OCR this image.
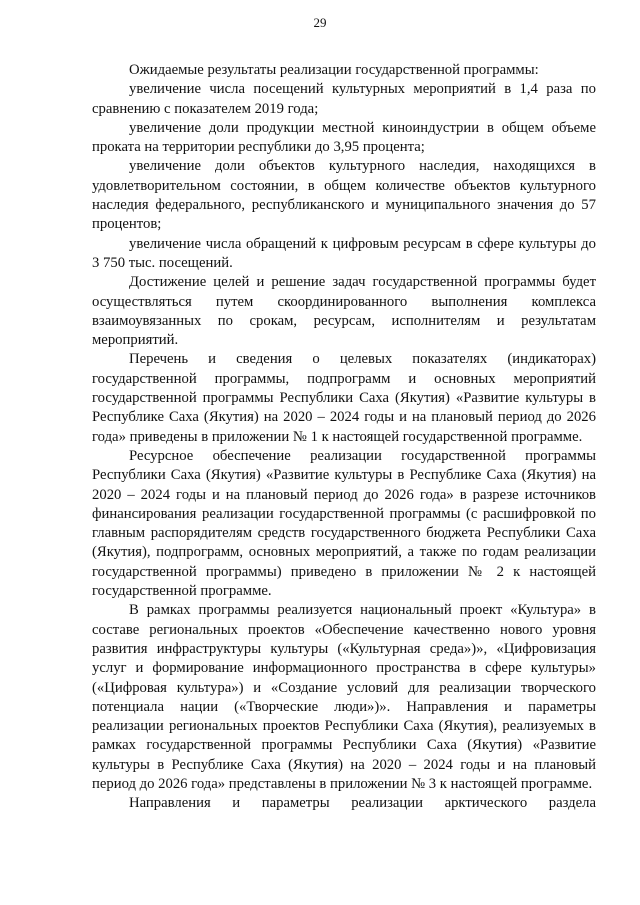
29

Ожидаемые результаты реализации государственной программы:

увеличение числа посещений культурных мероприятий в 1,4 раза по сравнению с показателем 2019 года;

увеличение доли продукции местной киноиндустрии в общем объеме проката на территории республики до 3,95 процента;

увеличение доли объектов культурного наследия, находящихся в удовлетворительном состоянии, в общем количестве объектов культурного наследия федерального, республиканского и муниципального значения до 57 процентов;

увеличение числа обращений к цифровым ресурсам в сфере культуры до 3 750 тыс. посещений.

Достижение целей и решение задач государственной программы будет осуществляться путем скоординированного выполнения комплекса взаимоувязанных по срокам, ресурсам, исполнителям и результатам мероприятий.

Перечень и сведения о целевых показателях (индикаторах) государственной программы, подпрограмм и основных мероприятий государственной программы Республики Саха (Якутия) «Развитие культуры в Республике Саха (Якутия) на 2020 – 2024 годы и на плановый период до 2026 года» приведены в приложении № 1 к настоящей государственной программе.

Ресурсное обеспечение реализации государственной программы Республики Саха (Якутия) «Развитие культуры в Республике Саха (Якутия) на 2020 – 2024 годы и на плановый период до 2026 года» в разрезе источников финансирования реализации государственной программы (с расшифровкой по главным распорядителям средств государственного бюджета Республики Саха (Якутия), подпрограмм, основных мероприятий, а также по годам реализации государственной программы) приведено в приложении № 2 к настоящей государственной программе.

В рамках программы реализуется национальный проект «Культура» в составе региональных проектов «Обеспечение качественно нового уровня развития инфраструктуры культуры («Культурная среда»)», «Цифровизация услуг и формирование информационного пространства в сфере культуры» («Цифровая культура») и «Создание условий для реализации творческого потенциала нации («Творческие люди»)». Направления и параметры реализации региональных проектов Республики Саха (Якутия), реализуемых в рамках государственной программы Республики Саха (Якутия) «Развитие культуры в Республике Саха (Якутия) на 2020 – 2024 годы и на плановый период до 2026 года» представлены в приложении № 3 к настоящей программе.

Направления и параметры реализации арктического раздела
